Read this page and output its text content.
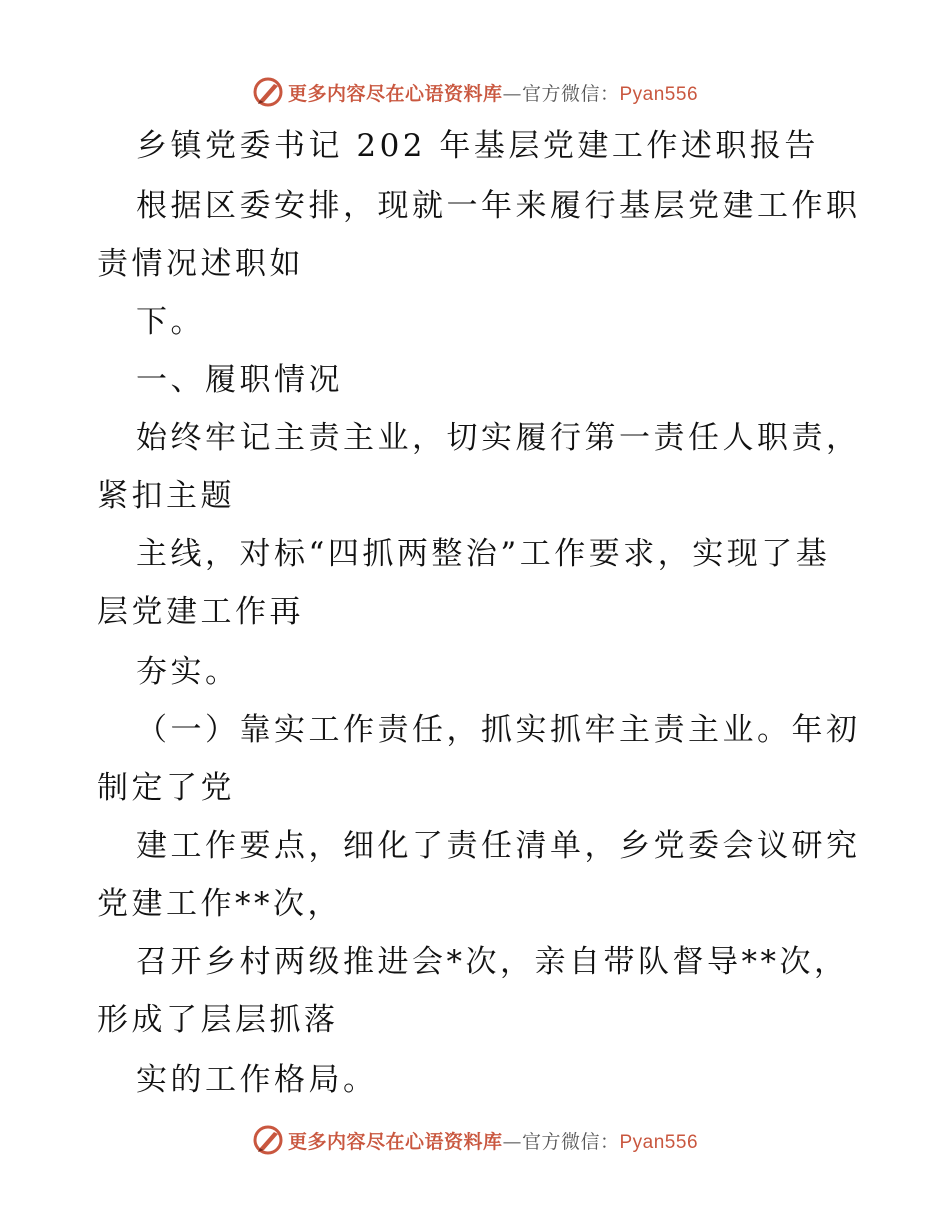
更多内容尽在心语资料库—官方微信：Pyan556
乡镇党委书记 202 年基层党建工作述职报告
根据区委安排，现就一年来履行基层党建工作职
责情况述职如
下。
一、履职情况
始终牢记主责主业，切实履行第一责任人职责，
紧扣主题
主线，对标“四抓两整治”工作要求，实现了基
层党建工作再
夯实。
（一）靠实工作责任，抓实抓牢主责主业。年初
制定了党
建工作要点，细化了责任清单，乡党委会议研究
党建工作**次，
召开乡村两级推进会*次，亲自带队督导**次，
形成了层层抓落
实的工作格局。
更多内容尽在心语资料库—官方微信：Pyan556
